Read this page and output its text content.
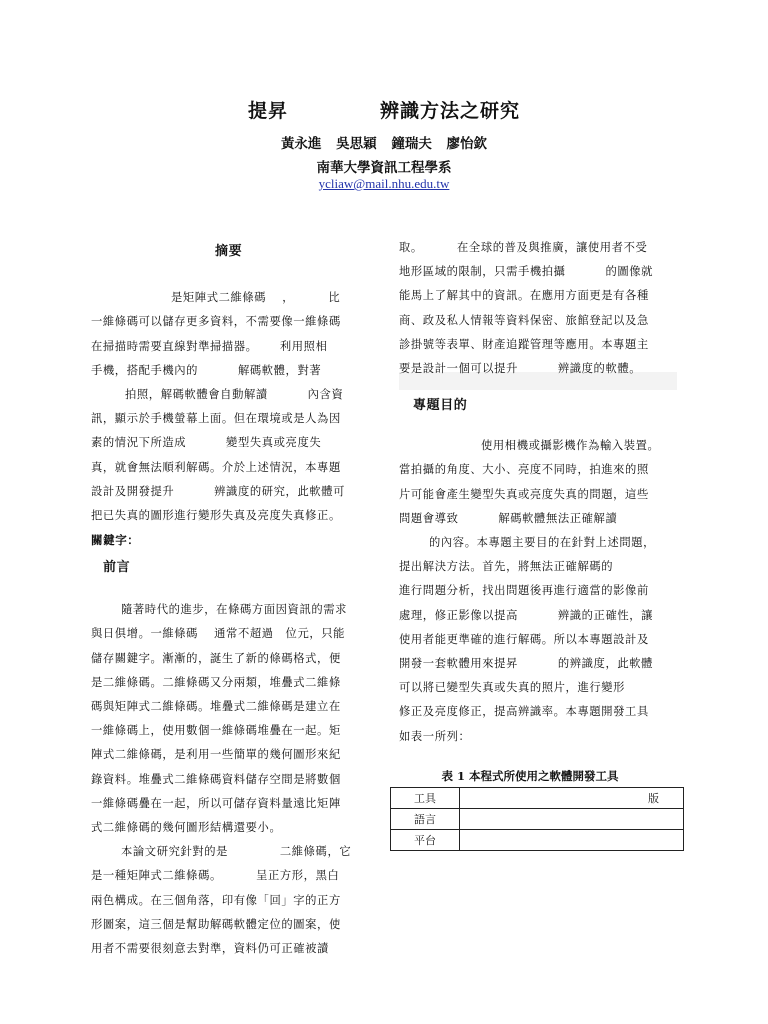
提昇	辨識方法之研究
黃永進 吳思穎 鐘瑞夫 廖怡欽
南華大學資訊工程學系
ycliaw@mail.nhu.edu.tw

摘要

是矩陣式二維條碼　 ，　　　 比

一維條碼可以儲存更多資料，不需要像一維條碼

在掃描時需要直線對準掃描器。　　 利用照相

手機，搭配手機內的　　　 解碼軟體，對著

拍照，解碼軟體會自動解讀　　　 內含資

訊，顯示於手機螢幕上面。但在環境或是人為因

素的情況下所造成　　　 變型失真或亮度失

真，就會無法順利解碼。介於上述情況，本專題

設計及開發提升　　　 辨識度的研究，此軟體可

把已失真的圖形進行變形失真及亮度失真修正。

關鍵字：

前言

隨著時代的進步，在條碼方面因資訊的需求

與日俱增。一維條碼　 通常不超過　位元，只能

儲存關鍵字。漸漸的，誕生了新的條碼格式，便

是二維條碼。二維條碼又分兩類，堆疊式二維條

碼與矩陣式二維條碼。堆疊式二維條碼是建立在

一維條碼上，使用數個一維條碼堆疊在一起。矩

陣式二維條碼，是利用一些簡單的幾何圖形來紀

錄資料。堆疊式二維條碼資料儲存空間是將數個

一維條碼疊在一起，所以可儲存資料量遠比矩陣

式二維條碼的幾何圖形結構還要小。

本論文研究針對的是　　　　 二維條碼，它

是一種矩陣式二維條碼。　　　 呈正方形，黑白

兩色構成。在三個角落，印有像「回」字的正方

形圖案，這三個是幫助解碼軟體定位的圖案，使

用者不需要很刻意去對準，資料仍可正確被讀

取。　　　 在全球的普及與推廣，讓使用者不受

地形區域的限制，只需手機拍攝　　　 的圖像就

能馬上了解其中的資訊。在應用方面更是有各種

商、政及私人情報等資料保密、旅館登記以及急

診掛號等表單、財產追蹤管理等應用。本專題主

要是設計一個可以提升　　　 辨識度的軟體。

專題目的

使用相機或攝影機作為輸入裝置。

當拍攝的角度、大小、亮度不同時，拍進來的照

片可能會產生變型失真或亮度失真的問題，這些

問題會導致　　　 解碼軟體無法正確解讀

的內容。本專題主要目的在針對上述問題，

提出解決方法。首先，將無法正確解碼的

進行問題分析，找出問題後再進行適當的影像前

處理，修正影像以提高　　　 辨識的正確性，讓

使用者能更準確的進行解碼。所以本專題設計及

開發一套軟體用來提昇　　　 的辨識度，此軟體

可以將已變型失真或失真的照片，進行變形

修正及亮度修正，提高辨識率。本專題開發工具

如表一所列：

表 1 本程式所使用之軟體開發工具
工具	版
語言	
平台	
